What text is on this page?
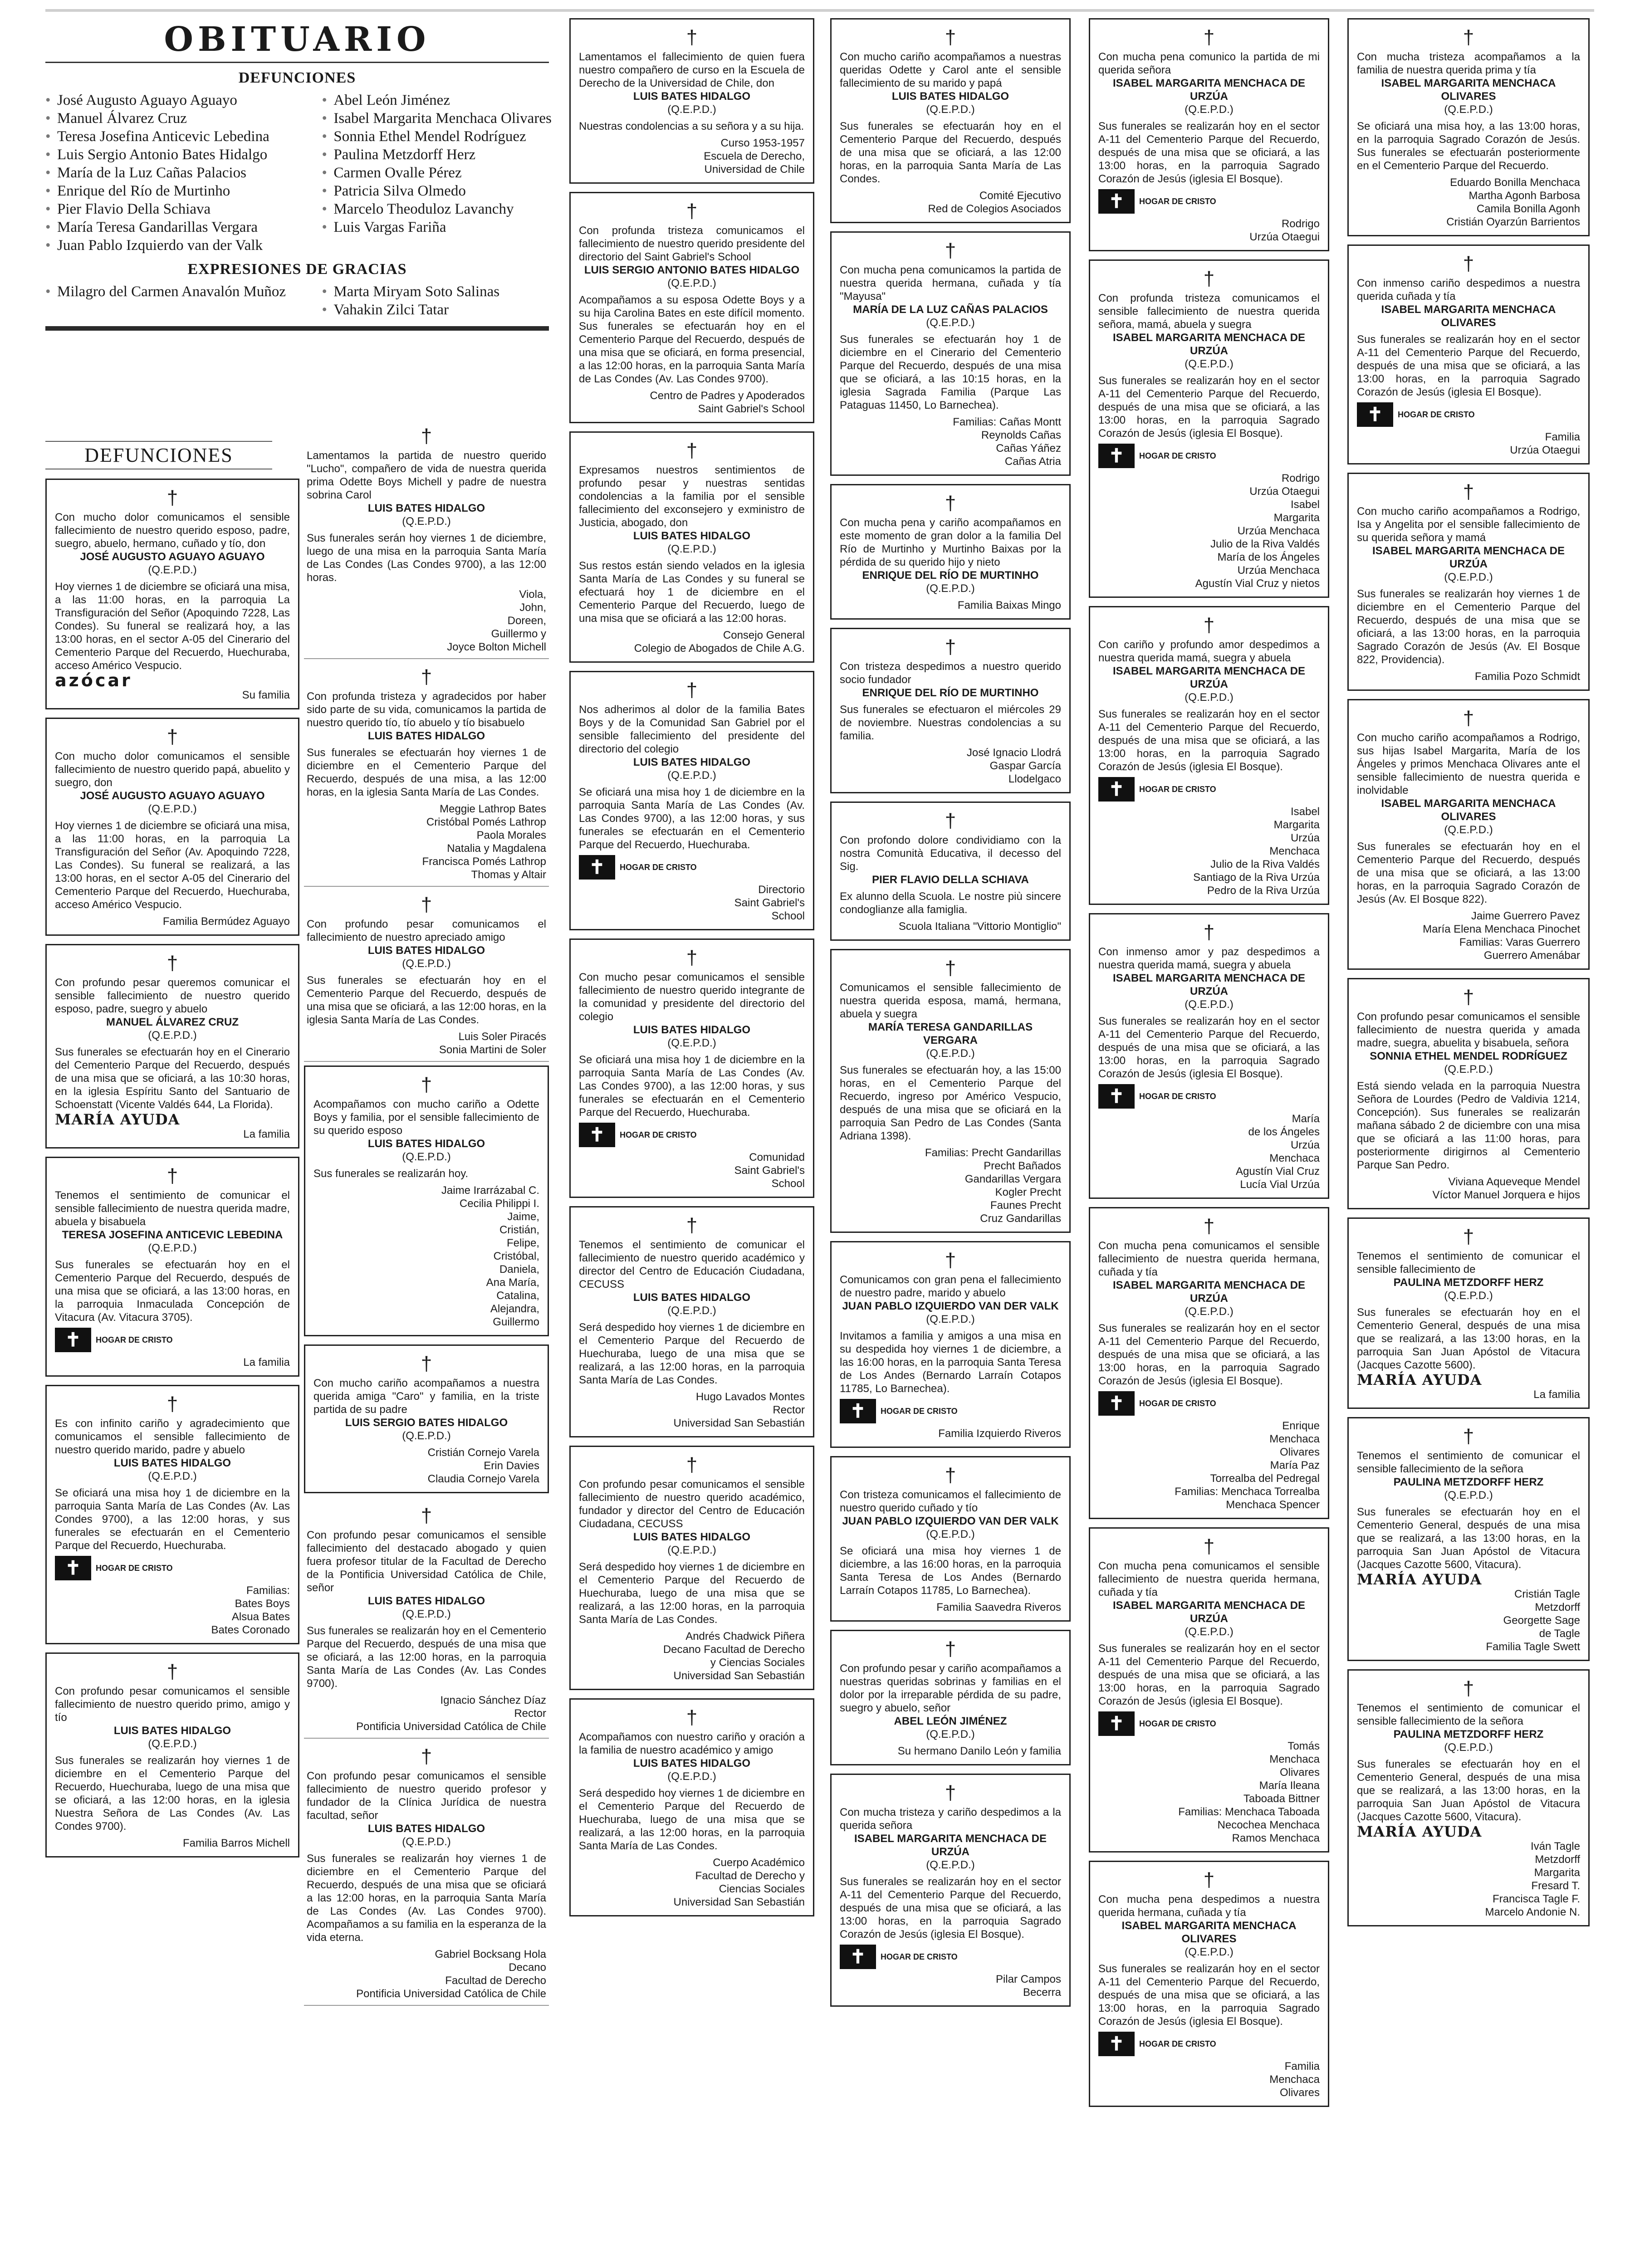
OBITUARIO
DEFUNCIONES
• José Augusto Aguayo Aguayo
• Manuel Álvarez Cruz
• Teresa Josefina Anticevic Lebedina
• Luis Sergio Antonio Bates Hidalgo
• María de la Luz Cañas Palacios
• Enrique del Río de Murtinho
• Pier Flavio Della Schiava
• María Teresa Gandarillas Vergara
• Juan Pablo Izquierdo van der Valk
• Abel León Jiménez
• Isabel Margarita Menchaca Olivares
• Sonnia Ethel Mendel Rodríguez
• Paulina Metzdorff Herz
• Carmen Ovalle Pérez
• Patricia Silva Olmedo
• Marcelo Theoduloz Lavanchy
• Luis Vargas Fariña
EXPRESIONES DE GRACIAS
• Milagro del Carmen Anavalón Muñoz	• Marta Miryam Soto Salinas
• Vahakin Zilci Tatar
DEFUNCIONES
†
Con mucho dolor comunicamos el sensible fallecimiento de nuestro querido esposo, padre, suegro, abuelo, hermano, cuñado y tío, don
JOSÉ AUGUSTO AGUAYO AGUAYO
(Q.E.P.D.)
Hoy viernes 1 de diciembre se oficiará una misa, a las 11:00 horas, en la parroquia La Transfiguración del Señor (Apoquindo 7228, Las Condes). Su funeral se realizará hoy, a las 13:00 horas, en el sector A-05 del Cinerario del Cementerio Parque del Recuerdo, Huechuraba, acceso Américo Vespucio.
azócar
Su familia
†
Con mucho dolor comunicamos el sensible fallecimiento de nuestro querido papá, abuelito y suegro, don
JOSÉ AUGUSTO AGUAYO AGUAYO
(Q.E.P.D.)
Hoy viernes 1 de diciembre se oficiará una misa, a las 11:00 horas, en la parroquia La Transfiguración del Señor (Av. Apoquindo 7228, Las Condes). Su funeral se realizará, a las 13:00 horas, en el sector A-05 del Cinerario del Cementerio Parque del Recuerdo, Huechuraba, acceso Américo Vespucio.
Familia Bermúdez Aguayo
†
Con profundo pesar queremos comunicar el sensible fallecimiento de nuestro querido esposo, padre, suegro y abuelo
MANUEL ÁLVAREZ CRUZ
(Q.E.P.D.)
Sus funerales se efectuarán hoy en el Cinerario del Cementerio Parque del Recuerdo, después de una misa que se oficiará, a las 10:30 horas, en la iglesia Espíritu Santo del Santuario de Schoenstatt (Vicente Valdés 644, La Florida).
MARÍA AYUDA
La familia
†
Tenemos el sentimiento de comunicar el sensible fallecimiento de nuestra querida madre, abuela y bisabuela
TERESA JOSEFINA ANTICEVIC LEBEDINA
(Q.E.P.D.)
Sus funerales se efectuarán hoy en el Cementerio Parque del Recuerdo, después de una misa que se oficiará, a las 13:00 horas, en la parroquia Inmaculada Concepción de Vitacura (Av. Vitacura 3705).
✝	HOGAR DE CRISTO
La familia
†
Es con infinito cariño y agradecimiento que comunicamos el sensible fallecimiento de nuestro querido marido, padre y abuelo
LUIS BATES HIDALGO
(Q.E.P.D.)
Se oficiará una misa hoy 1 de diciembre en la parroquia Santa María de Las Condes (Av. Las Condes 9700), a las 12:00 horas, y sus funerales se efectuarán en el Cementerio Parque del Recuerdo, Huechuraba.
✝	HOGAR DE CRISTO
Familias:
Bates Boys
Alsua Bates
Bates Coronado
†
Con profundo pesar comunicamos el sensible fallecimiento de nuestro querido primo, amigo y tío
LUIS BATES HIDALGO
(Q.E.P.D.)
Sus funerales se realizarán hoy viernes 1 de diciembre en el Cementerio Parque del Recuerdo, Huechuraba, luego de una misa que se oficiará, a las 12:00 horas, en la iglesia Nuestra Señora de Las Condes (Av. Las Condes 9700).
Familia Barros Michell
†
Lamentamos la partida de nuestro querido "Lucho", compañero de vida de nuestra querida prima Odette Boys Michell y padre de nuestra sobrina Carol
LUIS BATES HIDALGO
(Q.E.P.D.)
Sus funerales serán hoy viernes 1 de diciembre, luego de una misa en la parroquia Santa María de Las Condes (Las Condes 9700), a las 12:00 horas.
Viola,
John,
Doreen,
Guillermo y
Joyce Bolton Michell
†
Con profunda tristeza y agradecidos por haber sido parte de su vida, comunicamos la partida de nuestro querido tío, tío abuelo y tío bisabuelo
LUIS BATES HIDALGO
Sus funerales se efectuarán hoy viernes 1 de diciembre en el Cementerio Parque del Recuerdo, después de una misa, a las 12:00 horas, en la iglesia Santa María de Las Condes.
Meggie Lathrop Bates
Cristóbal Pomés Lathrop
Paola Morales
Natalia y Magdalena
Francisca Pomés Lathrop
Thomas y Altair
†
Con profundo pesar comunicamos el fallecimiento de nuestro apreciado amigo
LUIS BATES HIDALGO
(Q.E.P.D.)
Sus funerales se efectuarán hoy en el Cementerio Parque del Recuerdo, después de una misa que se oficiará, a las 12:00 horas, en la iglesia Santa María de Las Condes.
Luis Soler Piracés
Sonia Martini de Soler
†
Acompañamos con mucho cariño a Odette Boys y familia, por el sensible fallecimiento de su querido esposo
LUIS BATES HIDALGO
(Q.E.P.D.)
Sus funerales se realizarán hoy.
Jaime Irarrázabal C.
Cecilia Philippi I.
Jaime,
Cristián,
Felipe,
Cristóbal,
Daniela,
Ana María,
Catalina,
Alejandra,
Guillermo
†
Con mucho cariño acompañamos a nuestra querida amiga "Caro" y familia, en la triste partida de su padre
LUIS SERGIO BATES HIDALGO
(Q.E.P.D.)
Cristián Cornejo Varela
Erin Davies
Claudia Cornejo Varela
†
Con profundo pesar comunicamos el sensible fallecimiento del destacado abogado y quien fuera profesor titular de la Facultad de Derecho de la Pontificia Universidad Católica de Chile, señor
LUIS BATES HIDALGO
(Q.E.P.D.)
Sus funerales se realizarán hoy en el Cementerio Parque del Recuerdo, después de una misa que se oficiará, a las 12:00 horas, en la parroquia Santa María de Las Condes (Av. Las Condes 9700).
Ignacio Sánchez Díaz
Rector
Pontificia Universidad Católica de Chile
†
Con profundo pesar comunicamos el sensible fallecimiento de nuestro querido profesor y fundador de la Clínica Jurídica de nuestra facultad, señor
LUIS BATES HIDALGO
(Q.E.P.D.)
Sus funerales se realizarán hoy viernes 1 de diciembre en el Cementerio Parque del Recuerdo, después de una misa que se oficiará a las 12:00 horas, en la parroquia Santa María de Las Condes (Av. Las Condes 9700). Acompañamos a su familia en la esperanza de la vida eterna.
Gabriel Bocksang Hola
Decano
Facultad de Derecho
Pontificia Universidad Católica de Chile
†
Lamentamos el fallecimiento de quien fuera nuestro compañero de curso en la Escuela de Derecho de la Universidad de Chile, don
LUIS BATES HIDALGO
(Q.E.P.D.)
Nuestras condolencias a su señora y a su hija.
Curso 1953-1957
Escuela de Derecho,
Universidad de Chile
†
Con profunda tristeza comunicamos el fallecimiento de nuestro querido presidente del directorio del Saint Gabriel's School
LUIS SERGIO ANTONIO BATES HIDALGO
(Q.E.P.D.)
Acompañamos a su esposa Odette Boys y a su hija Carolina Bates en este difícil momento. Sus funerales se efectuarán hoy en el Cementerio Parque del Recuerdo, después de una misa que se oficiará, en forma presencial, a las 12:00 horas, en la parroquia Santa María de Las Condes (Av. Las Condes 9700).
Centro de Padres y Apoderados
Saint Gabriel's School
†
Expresamos nuestros sentimientos de profundo pesar y nuestras sentidas condolencias a la familia por el sensible fallecimiento del exconsejero y exministro de Justicia, abogado, don
LUIS BATES HIDALGO
(Q.E.P.D.)
Sus restos están siendo velados en la iglesia Santa María de Las Condes y su funeral se efectuará hoy 1 de diciembre en el Cementerio Parque del Recuerdo, luego de una misa que se oficiará a las 12:00 horas.
Consejo General
Colegio de Abogados de Chile A.G.
†
Nos adherimos al dolor de la familia Bates Boys y de la Comunidad San Gabriel por el sensible fallecimiento del presidente del directorio del colegio
LUIS BATES HIDALGO
(Q.E.P.D.)
Se oficiará una misa hoy 1 de diciembre en la parroquia Santa María de Las Condes (Av. Las Condes 9700), a las 12:00 horas, y sus funerales se efectuarán en el Cementerio Parque del Recuerdo, Huechuraba.
✝	HOGAR DE CRISTO
Directorio
Saint Gabriel's
School
†
Con mucho pesar comunicamos el sensible fallecimiento de nuestro querido integrante de la comunidad y presidente del directorio del colegio
LUIS BATES HIDALGO
(Q.E.P.D.)
Se oficiará una misa hoy 1 de diciembre en la parroquia Santa María de Las Condes (Av. Las Condes 9700), a las 12:00 horas, y sus funerales se efectuarán en el Cementerio Parque del Recuerdo, Huechuraba.
✝	HOGAR DE CRISTO
Comunidad
Saint Gabriel's
School
†
Tenemos el sentimiento de comunicar el fallecimiento de nuestro querido académico y director del Centro de Educación Ciudadana, CECUSS
LUIS BATES HIDALGO
(Q.E.P.D.)
Será despedido hoy viernes 1 de diciembre en el Cementerio Parque del Recuerdo de Huechuraba, luego de una misa que se realizará, a las 12:00 horas, en la parroquia Santa María de Las Condes.
Hugo Lavados Montes
Rector
Universidad San Sebastián
†
Con profundo pesar comunicamos el sensible fallecimiento de nuestro querido académico, fundador y director del Centro de Educación Ciudadana, CECUSS
LUIS BATES HIDALGO
(Q.E.P.D.)
Será despedido hoy viernes 1 de diciembre en el Cementerio Parque del Recuerdo de Huechuraba, luego de una misa que se realizará, a las 12:00 horas, en la parroquia Santa María de Las Condes.
Andrés Chadwick Piñera
Decano Facultad de Derecho
y Ciencias Sociales
Universidad San Sebastián
†
Acompañamos con nuestro cariño y oración a la familia de nuestro académico y amigo
LUIS BATES HIDALGO
(Q.E.P.D.)
Será despedido hoy viernes 1 de diciembre en el Cementerio Parque del Recuerdo de Huechuraba, luego de una misa que se realizará, a las 12:00 horas, en la parroquia Santa María de Las Condes.
Cuerpo Académico
Facultad de Derecho y
Ciencias Sociales
Universidad San Sebastián
†
Con mucho cariño acompañamos a nuestras queridas Odette y Carol ante el sensible fallecimiento de su marido y papá
LUIS BATES HIDALGO
(Q.E.P.D.)
Sus funerales se efectuarán hoy en el Cementerio Parque del Recuerdo, después de una misa que se oficiará, a las 12:00 horas, en la parroquia Santa María de Las Condes.
Comité Ejecutivo
Red de Colegios Asociados
†
Con mucha pena comunicamos la partida de nuestra querida hermana, cuñada y tía "Mayusa"
MARÍA DE LA LUZ CAÑAS PALACIOS
(Q.E.P.D.)
Sus funerales se efectuarán hoy 1 de diciembre en el Cinerario del Cementerio Parque del Recuerdo, después de una misa que se oficiará, a las 10:15 horas, en la iglesia Sagrada Familia (Parque Las Pataguas 11450, Lo Barnechea).
Familias: Cañas Montt
Reynolds Cañas
Cañas Yáñez
Cañas Atria
†
Con mucha pena y cariño acompañamos en este momento de gran dolor a la familia Del Río de Murtinho y Murtinho Baixas por la pérdida de su querido hijo y nieto
ENRIQUE DEL RÍO DE MURTINHO
(Q.E.P.D.)
Familia Baixas Mingo
†
Con tristeza despedimos a nuestro querido socio fundador
ENRIQUE DEL RÍO DE MURTINHO
Sus funerales se efectuaron el miércoles 29 de noviembre. Nuestras condolencias a su familia.
José Ignacio Llodrá
Gaspar García
Llodelgaco
†
Con profondo dolore condividiamo con la nostra Comunità Educativa, il decesso del Sig.
PIER FLAVIO DELLA SCHIAVA
Ex alunno della Scuola. Le nostre più sincere condoglianze alla famiglia.
Scuola Italiana "Vittorio Montiglio"
†
Comunicamos el sensible fallecimiento de nuestra querida esposa, mamá, hermana, abuela y suegra
MARÍA TERESA GANDARILLAS VERGARA
(Q.E.P.D.)
Sus funerales se efectuarán hoy, a las 15:00 horas, en el Cementerio Parque del Recuerdo, ingreso por Américo Vespucio, después de una misa que se oficiará en la parroquia San Pedro de Las Condes (Santa Adriana 1398).
Familias: Precht Gandarillas
Precht Bañados
Gandarillas Vergara
Kogler Precht
Faunes Precht
Cruz Gandarillas
†
Comunicamos con gran pena el fallecimiento de nuestro padre, marido y abuelo
JUAN PABLO IZQUIERDO VAN DER VALK
(Q.E.P.D.)
Invitamos a familia y amigos a una misa en su despedida hoy viernes 1 de diciembre, a las 16:00 horas, en la parroquia Santa Teresa de Los Andes (Bernardo Larraín Cotapos 11785, Lo Barnechea).
✝	HOGAR DE CRISTO
Familia Izquierdo Riveros
†
Con tristeza comunicamos el fallecimiento de nuestro querido cuñado y tío
JUAN PABLO IZQUIERDO VAN DER VALK
(Q.E.P.D.)
Se oficiará una misa hoy viernes 1 de diciembre, a las 16:00 horas, en la parroquia Santa Teresa de Los Andes (Bernardo Larraín Cotapos 11785, Lo Barnechea).
Familia Saavedra Riveros
†
Con profundo pesar y cariño acompañamos a nuestras queridas sobrinas y familias en el dolor por la irreparable pérdida de su padre, suegro y abuelo, señor
ABEL LEÓN JIMÉNEZ
(Q.E.P.D.)
Su hermano Danilo León y familia
†
Con mucha tristeza y cariño despedimos a la querida señora
ISABEL MARGARITA MENCHACA DE URZÚA
(Q.E.P.D.)
Sus funerales se realizarán hoy en el sector A-11 del Cementerio Parque del Recuerdo, después de una misa que se oficiará, a las 13:00 horas, en la parroquia Sagrado Corazón de Jesús (iglesia El Bosque).
✝	HOGAR DE CRISTO
Pilar Campos
Becerra
†
Con mucha pena comunico la partida de mi querida señora
ISABEL MARGARITA MENCHACA DE URZÚA
(Q.E.P.D.)
Sus funerales se realizarán hoy en el sector A-11 del Cementerio Parque del Recuerdo, después de una misa que se oficiará, a las 13:00 horas, en la parroquia Sagrado Corazón de Jesús (iglesia El Bosque).
✝	HOGAR DE CRISTO
Rodrigo
Urzúa Otaegui
†
Con profunda tristeza comunicamos el sensible fallecimiento de nuestra querida señora, mamá, abuela y suegra
ISABEL MARGARITA MENCHACA DE URZÚA
(Q.E.P.D.)
Sus funerales se realizarán hoy en el sector A-11 del Cementerio Parque del Recuerdo, después de una misa que se oficiará, a las 13:00 horas, en la parroquia Sagrado Corazón de Jesús (iglesia El Bosque).
✝	HOGAR DE CRISTO
Rodrigo
Urzúa Otaegui
Isabel
Margarita
Urzúa Menchaca
Julio de la Riva Valdés
María de los Ángeles
Urzúa Menchaca
Agustín Vial Cruz y nietos
†
Con cariño y profundo amor despedimos a nuestra querida mamá, suegra y abuela
ISABEL MARGARITA MENCHACA DE URZÚA
(Q.E.P.D.)
Sus funerales se realizarán hoy en el sector A-11 del Cementerio Parque del Recuerdo, después de una misa que se oficiará, a las 13:00 horas, en la parroquia Sagrado Corazón de Jesús (iglesia El Bosque).
✝	HOGAR DE CRISTO
Isabel
Margarita
Urzúa
Menchaca
Julio de la Riva Valdés
Santiago de la Riva Urzúa
Pedro de la Riva Urzúa
†
Con inmenso amor y paz despedimos a nuestra querida mamá, suegra y abuela
ISABEL MARGARITA MENCHACA DE URZÚA
(Q.E.P.D.)
Sus funerales se realizarán hoy en el sector A-11 del Cementerio Parque del Recuerdo, después de una misa que se oficiará, a las 13:00 horas, en la parroquia Sagrado Corazón de Jesús (iglesia El Bosque).
✝	HOGAR DE CRISTO
María
de los Ángeles
Urzúa
Menchaca
Agustín Vial Cruz
Lucía Vial Urzúa
†
Con mucha pena comunicamos el sensible fallecimiento de nuestra querida hermana, cuñada y tía
ISABEL MARGARITA MENCHACA DE URZÚA
(Q.E.P.D.)
Sus funerales se realizarán hoy en el sector A-11 del Cementerio Parque del Recuerdo, después de una misa que se oficiará, a las 13:00 horas, en la parroquia Sagrado Corazón de Jesús (iglesia El Bosque).
✝	HOGAR DE CRISTO
Enrique
Menchaca
Olivares
María Paz
Torrealba del Pedregal
Familias: Menchaca Torrealba
Menchaca Spencer
†
Con mucha pena comunicamos el sensible fallecimiento de nuestra querida hermana, cuñada y tía
ISABEL MARGARITA MENCHACA DE URZÚA
(Q.E.P.D.)
Sus funerales se realizarán hoy en el sector A-11 del Cementerio Parque del Recuerdo, después de una misa que se oficiará, a las 13:00 horas, en la parroquia Sagrado Corazón de Jesús (iglesia El Bosque).
✝	HOGAR DE CRISTO
Tomás
Menchaca
Olivares
María Ileana
Taboada Bittner
Familias: Menchaca Taboada
Necochea Menchaca
Ramos Menchaca
†
Con mucha pena despedimos a nuestra querida hermana, cuñada y tía
ISABEL MARGARITA MENCHACA OLIVARES
(Q.E.P.D.)
Sus funerales se realizarán hoy en el sector A-11 del Cementerio Parque del Recuerdo, después de una misa que se oficiará, a las 13:00 horas, en la parroquia Sagrado Corazón de Jesús (iglesia El Bosque).
✝	HOGAR DE CRISTO
Familia
Menchaca
Olivares
†
Con mucha tristeza acompañamos a la familia de nuestra querida prima y tía
ISABEL MARGARITA MENCHACA OLIVARES
(Q.E.P.D.)
Se oficiará una misa hoy, a las 13:00 horas, en la parroquia Sagrado Corazón de Jesús. Sus funerales se efectuarán posteriormente en el Cementerio Parque del Recuerdo.
Eduardo Bonilla Menchaca
Martha Agonh Barbosa
Camila Bonilla Agonh
Cristián Oyarzún Barrientos
†
Con inmenso cariño despedimos a nuestra querida cuñada y tía
ISABEL MARGARITA MENCHACA OLIVARES
Sus funerales se realizarán hoy en el sector A-11 del Cementerio Parque del Recuerdo, después de una misa que se oficiará, a las 13:00 horas, en la parroquia Sagrado Corazón de Jesús (iglesia El Bosque).
✝	HOGAR DE CRISTO
Familia
Urzúa Otaegui
†
Con mucho cariño acompañamos a Rodrigo, Isa y Angelita por el sensible fallecimiento de su querida señora y mamá
ISABEL MARGARITA MENCHACA DE URZÚA
(Q.E.P.D.)
Sus funerales se realizarán hoy viernes 1 de diciembre en el Cementerio Parque del Recuerdo, después de una misa que se oficiará, a las 13:00 horas, en la parroquia Sagrado Corazón de Jesús (Av. El Bosque 822, Providencia).
Familia Pozo Schmidt
†
Con mucho cariño acompañamos a Rodrigo, sus hijas Isabel Margarita, María de los Ángeles y primos Menchaca Olivares ante el sensible fallecimiento de nuestra querida e inolvidable
ISABEL MARGARITA MENCHACA OLIVARES
(Q.E.P.D.)
Sus funerales se efectuarán hoy en el Cementerio Parque del Recuerdo, después de una misa que se oficiará, a las 13:00 horas, en la parroquia Sagrado Corazón de Jesús (Av. El Bosque 822).
Jaime Guerrero Pavez
María Elena Menchaca Pinochet
Familias: Varas Guerrero
Guerrero Amenábar
†
Con profundo pesar comunicamos el sensible fallecimiento de nuestra querida y amada madre, suegra, abuelita y bisabuela, señora
SONNIA ETHEL MENDEL RODRÍGUEZ
(Q.E.P.D.)
Está siendo velada en la parroquia Nuestra Señora de Lourdes (Pedro de Valdivia 1214, Concepción). Sus funerales se realizarán mañana sábado 2 de diciembre con una misa que se oficiará a las 11:00 horas, para posteriormente dirigirnos al Cementerio Parque San Pedro.
Viviana Aqueveque Mendel
Víctor Manuel Jorquera e hijos
†
Tenemos el sentimiento de comunicar el sensible fallecimiento de
PAULINA METZDORFF HERZ
(Q.E.P.D.)
Sus funerales se efectuarán hoy en el Cementerio General, después de una misa que se realizará, a las 13:00 horas, en la parroquia San Juan Apóstol de Vitacura (Jacques Cazotte 5600).
MARÍA AYUDA
La familia
†
Tenemos el sentimiento de comunicar el sensible fallecimiento de la señora
PAULINA METZDORFF HERZ
(Q.E.P.D.)
Sus funerales se efectuarán hoy en el Cementerio General, después de una misa que se realizará, a las 13:00 horas, en la parroquia San Juan Apóstol de Vitacura (Jacques Cazotte 5600, Vitacura).
MARÍA AYUDA
Cristián Tagle
Metzdorff
Georgette Sage
de Tagle
Familia Tagle Swett
†
Tenemos el sentimiento de comunicar el sensible fallecimiento de la señora
PAULINA METZDORFF HERZ
(Q.E.P.D.)
Sus funerales se efectuarán hoy en el Cementerio General, después de una misa que se realizará, a las 13:00 horas, en la parroquia San Juan Apóstol de Vitacura (Jacques Cazotte 5600, Vitacura).
MARÍA AYUDA
Iván Tagle
Metzdorff
Margarita
Fresard T.
Francisca Tagle F.
Marcelo Andonie N.
